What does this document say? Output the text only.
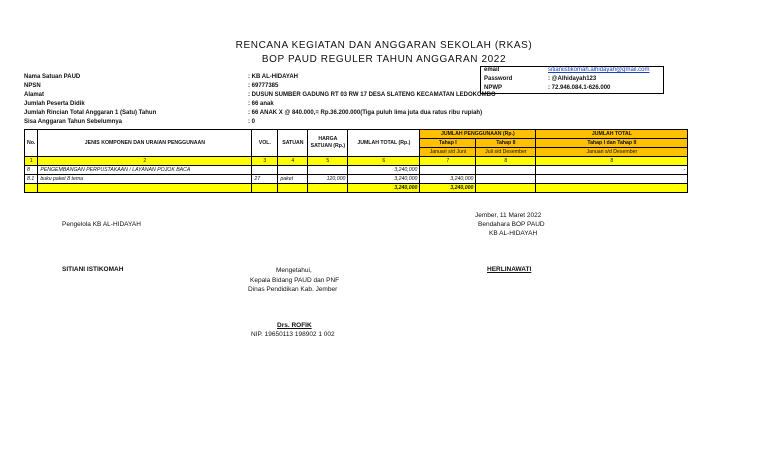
RENCANA KEGIATAN DAN ANGGARAN SEKOLAH (RKAS)
BOP PAUD REGULER TAHUN ANGGARAN 2022
email	sitianiistikomah.alhidayah@gmail.com
Password	: @Alhidayah123
NPWP	: 72.946.084.1-626.000
Nama Satuan PAUD	: KB AL-HIDAYAH
NPSN	: 69777385
Alamat	: DUSUN SUMBER GADUNG RT 03 RW 17 DESA SLATENG KECAMATAN LEDOKOMBO
Jumlah Peserta Didik	: 66 anak
Jumlah Rincian Total Anggaran 1 (Satu) Tahun	: 66 ANAK X @ 840.000,= Rp.36.200.000(Tiga puluh lima juta dua ratus ribu rupiah)
Sisa Anggaran Tahun Sebelumnya	: 0
No.	JENIS KOMPONEN DAN URAIAN PENGGUNAAN	VOL.	SATUAN	HARGA SATUAN (Rp.)	JUMLAH TOTAL (Rp.)	JUMLAH PENGGUNAAN (Rp.)		JUMLAH TOTAL
						Tahap I	Tahap II	Tahap I dan Tahap II
						Januari s/d Juni	Juli s/d Desember	Januari s/d Desember
1	2	3	4	5	6	7	8	8
8	PENGEMBANGAN PERPUSTAKAAN / LAYANAN POJOK BACA				3,240,000			-
8.1	buku paket 8 tema	27	paket	120,000	3,240,000	3,240,000		
					3,240,000	3,240,000		
Pengelola KB AL-HIDAYAH
SITIANI ISTIKOMAH
Jember, 11 Maret 2022
Bendahara BOP PAUD
KB AL-HIDAYAH
HERLINAWATI
Mengetahui,
Kepala Bidang PAUD dan PNF
Dinas Pendidikan Kab. Jember
Drs. ROFIK
NIP. 19650113 198902 1 002
